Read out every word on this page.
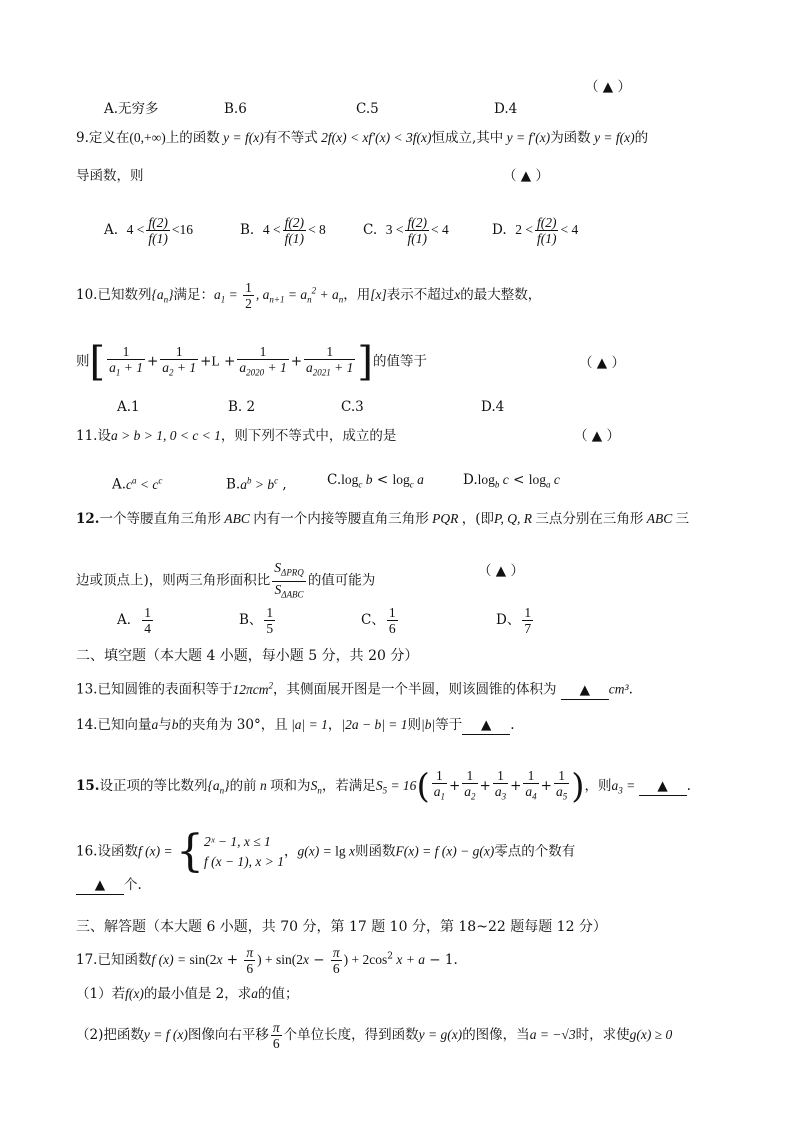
（ ▲ ）
A.无穷多	B.6	C.5	D.4
9.定义在(0,+∞)上的函数 y = f(x)有不等式 2f(x) < xf′(x) < 3f(x)恒成立,其中 y = f′(x)为函数 y = f(x)的
导函数，则	（ ▲ ）
A. $4 < \frac{f(2)}{f(1)} <16$	B. $4 < \frac{f(2)}{f(1)} < 8$	C. $3 < \frac{f(2)}{f(1)} < 4$	D. $2 < \frac{f(2)}{f(1)} < 4$
10.已知数列$\{a_n\}$满足：$a_1 = \frac{1}{2}$ , $a_{n+1} = a_n^2 + a_n$，用[x]表示不超过x的最大整数，
则[ $\frac{1}{a_1 + 1} + \frac{1}{a_2 + 1} +L + \frac{1}{a_{2020} + 1} + \frac{1}{a_{2021} + 1}$ ]的值等于	（ ▲ ）
A.1	B. 2	C.3	D.4
11.设a > b > 1, 0 < c < 1，则下列不等式中，成立的是	（ ▲ ）
$A.c^a < c^c$	$B.a^b > b^c$ ,	$C.\log_c$ $b < \log_c a$	$D.\log_b$ $c < \log_a c$
12.一个等腰直角三角形 ABC 内有一个内接等腰直角三角形 PQR ，(即P, Q, R 三点分别在三角形 ABC 三
边或顶点上)，则两三角形面积比 $\frac{S_{\Delta PRQ}}{S_{\Delta ABC}}$ 的值可能为
（ ▲ ）
A． $\frac{1}{4}$	B、 $\frac{1}{5}$	C、 $\frac{1}{6}$	D、 $\frac{1}{7}$
二、填空题（本大题 4 小题，每小题 5 分，共 20 分）
13.已知圆锥的表面积等于12πcm$^2$，其侧面展开图是一个半圆，则该圆锥的体积为 ▲ cm³.
14.已知向量a与b的夹角为 30°，且 |a| = 1，|2a − b| = 1则|b|等于 ▲ .
15.设正项的等比数列$\{a_n\}$的前 n 项和为$S_n$，若满足$S_5 = 16( \frac{1}{a_1} + \frac{1}{a_2} + \frac{1}{a_3} + \frac{1}{a_4} + \frac{1}{a_5}$ )，则$a_3$ = ▲ .
16.设函数f (x) = { 2ˣ − 1, x ≤ 1
f (x − 1), x > 1
，g(x) = lg x则函数F(x) = f (x) − g(x)零点的个数有
▲ 个.
三、解答题（本大题 6 小题，共 70 分，第 17 题 10 分，第 18~22 题每题 12 分）
17.已知函数f $(x) = \sin(2x + \frac{\pi}{6}$ ) + $\sin(2x - \frac{\pi}{6}$ ) + $2\cos^2$ x + a − 1.
（1）若f(x)的最小值是 2，求a的值；
（2)把函数y = f (x)图像向右平移 $\frac{\pi}{6}$ 个单位长度，得到函数y = g(x)的图像，当a = −√3时，求使g(x) ≥ 0
